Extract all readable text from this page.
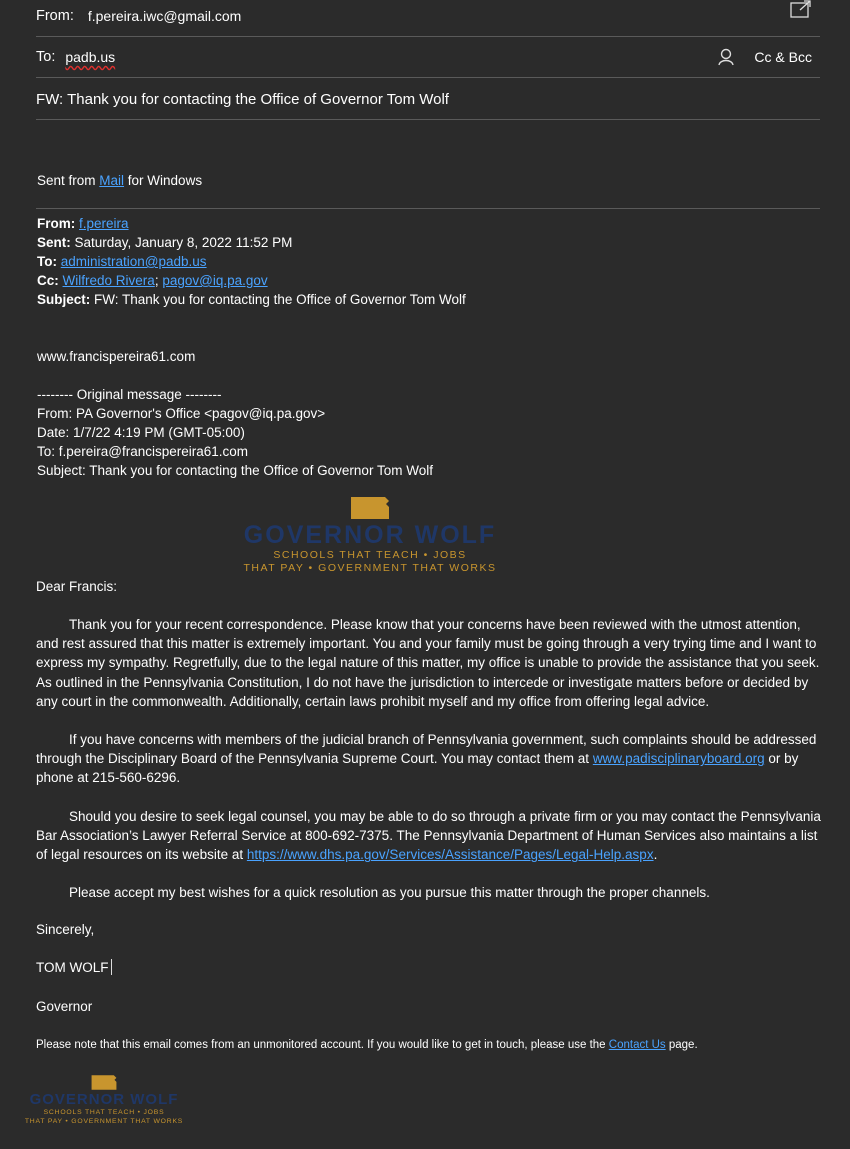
From: f.pereira.iwc@gmail.com
To: padb.us	Cc & Bcc
FW: Thank you for contacting the Office of Governor Tom Wolf
Sent from Mail for Windows
From: f.pereira
Sent: Saturday, January 8, 2022 11:52 PM
To: administration@padb.us
Cc: Wilfredo Rivera; pagov@iq.pa.gov
Subject: FW: Thank you for contacting the Office of Governor Tom Wolf
www.francispereira61.com
-------- Original message --------
From: PA Governor's Office <pagov@iq.pa.gov>
Date: 1/7/22 4:19 PM (GMT-05:00)
To: f.pereira@francispereira61.com
Subject: Thank you for contacting the Office of Governor Tom Wolf
GOVERNOR WOLF
SCHOOLS THAT TEACH • JOBS
THAT PAY • GOVERNMENT THAT WORKS
Dear Francis:
Thank you for your recent correspondence. Please know that your concerns have been reviewed with the utmost attention, and rest assured that this matter is extremely important. You and your family must be going through a very trying time and I want to express my sympathy. Regretfully, due to the legal nature of this matter, my office is unable to provide the assistance that you seek. As outlined in the Pennsylvania Constitution, I do not have the jurisdiction to intercede or investigate matters before or decided by any court in the commonwealth. Additionally, certain laws prohibit myself and my office from offering legal advice.
If you have concerns with members of the judicial branch of Pennsylvania government, such complaints should be addressed through the Disciplinary Board of the Pennsylvania Supreme Court. You may contact them at www.padisciplinaryboard.org or by phone at 215-560-6296.
Should you desire to seek legal counsel, you may be able to do so through a private firm or you may contact the Pennsylvania Bar Association’s Lawyer Referral Service at 800-692-7375. The Pennsylvania Department of Human Services also maintains a list of legal resources on its website at https://www.dhs.pa.gov/Services/Assistance/Pages/Legal-Help.aspx.
Please accept my best wishes for a quick resolution as you pursue this matter through the proper channels.
Sincerely,
TOM WOLF
Governor
Please note that this email comes from an unmonitored account. If you would like to get in touch, please use the Contact Us page.
GOVERNOR WOLF
SCHOOLS THAT TEACH • JOBS
THAT PAY • GOVERNMENT THAT WORKS
